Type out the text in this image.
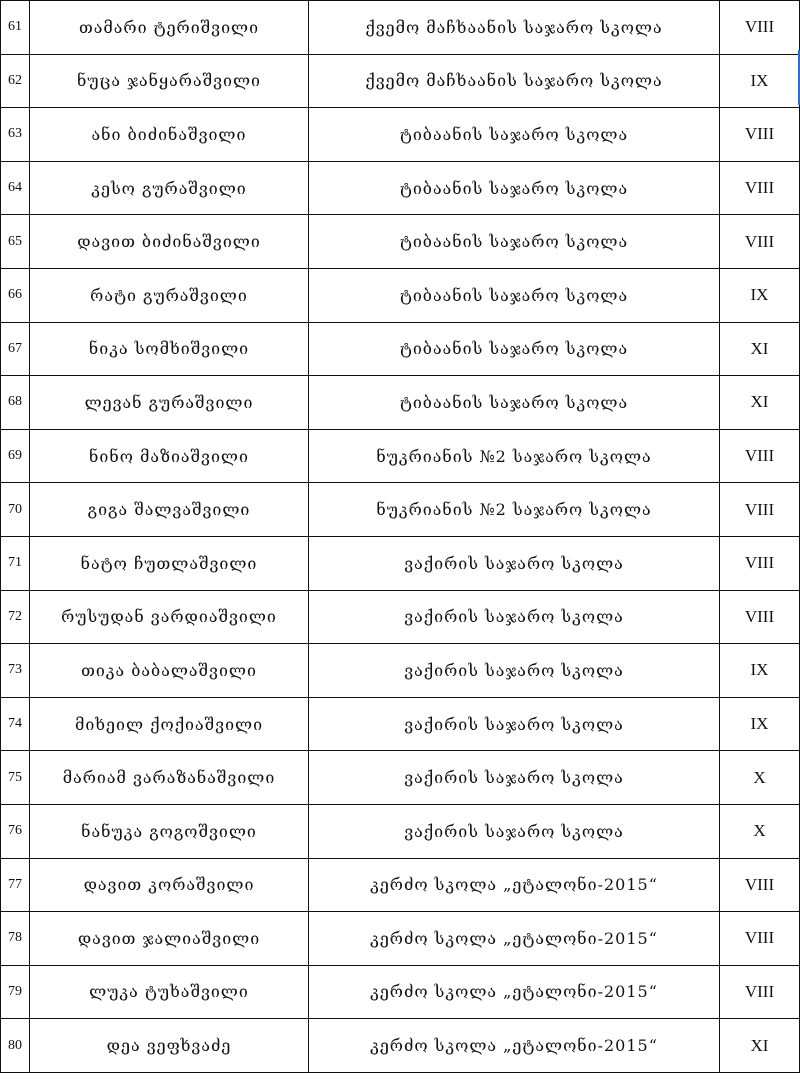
61	თამარი ტერიშვილი	ქვემო მაჩხაანის საჯარო სკოლა	VIII
62	ნუცა ჯანყარაშვილი	ქვემო მაჩხაანის საჯარო სკოლა	IX
63	ანი ბიძინაშვილი	ტიბაანის საჯარო სკოლა	VIII
64	კესო გურაშვილი	ტიბაანის საჯარო სკოლა	VIII
65	დავით ბიძინაშვილი	ტიბაანის საჯარო სკოლა	VIII
66	რატი გურაშვილი	ტიბაანის საჯარო სკოლა	IX
67	ნიკა სომხიშვილი	ტიბაანის საჯარო სკოლა	XI
68	ლევან გურაშვილი	ტიბაანის საჯარო სკოლა	XI
69	ნინო მაზიაშვილი	ნუკრიანის №2 საჯარო სკოლა	VIII
70	გიგა შალვაშვილი	ნუკრიანის №2 საჯარო სკოლა	VIII
71	ნატო ჩუთლაშვილი	ვაქირის საჯარო სკოლა	VIII
72	რუსუდან ვარდიაშვილი	ვაქირის საჯარო სკოლა	VIII
73	თიკა ბაბალაშვილი	ვაქირის საჯარო სკოლა	IX
74	მიხეილ ქოქიაშვილი	ვაქირის საჯარო სკოლა	IX
75	მარიამ ვარაზანაშვილი	ვაქირის საჯარო სკოლა	X
76	ნანუკა გოგოშვილი	ვაქირის საჯარო სკოლა	X
77	დავით კორაშვილი	კერძო სკოლა „ეტალონი-2015“	VIII
78	დავით ჯალიაშვილი	კერძო სკოლა „ეტალონი-2015“	VIII
79	ლუკა ტუხაშვილი	კერძო სკოლა „ეტალონი-2015“	VIII
80	დეა ვეფხვაძე	კერძო სკოლა „ეტალონი-2015“	XI
